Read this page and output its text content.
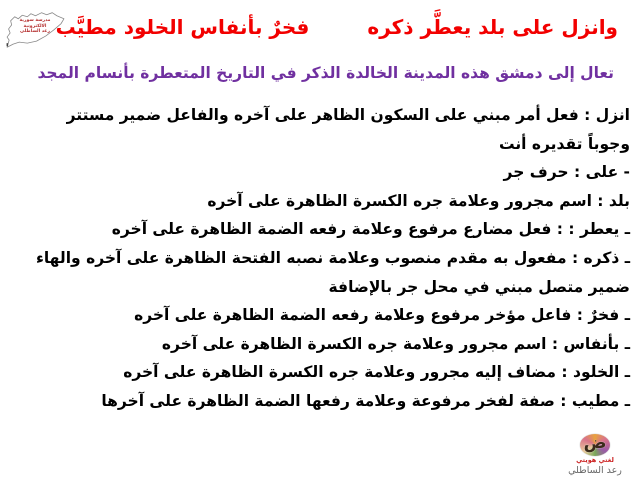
مدرسة سورية الالكترونية
رعد الساطلي	وانزل على بلد يعطَّر ذكرهفخرٌ بأنفاس الخلود مطيَّب
تعال إلى دمشق هذه المدينة الخالدة الذكر في التاريخ المتعطرة بأنسام المجد
انزل : فعل أمر مبني على السكون الظاهر على آخره والفاعل ضمير مستتر
وجوباً تقديره أنت
- على : حرف جر
بلد : اسم مجرور وعلامة جره الكسرة الظاهرة على آخره
ـ يعطر : : فعل مضارع مرفوع وعلامة رفعه الضمة الظاهرة على آخره
ـ ذكره : مفعول به مقدم منصوب وعلامة نصبه الفتحة الظاهرة على آخره والهاء
ضمير متصل مبني في محل جر بالإضافة
ـ فخرٌ : فاعل مؤخر مرفوع وعلامة رفعه الضمة الظاهرة على آخره
ـ بأنفاس : اسم مجرور وعلامة جره الكسرة الظاهرة على آخره
ـ الخلود : مضاف إليه مجرور وعلامة جره الكسرة الظاهرة على آخره
ـ مطيب : صفة لفخر مرفوعة وعلامة رفعها الضمة الظاهرة على آخرها
ض
لغتي هويتي
رعد الساطلي
